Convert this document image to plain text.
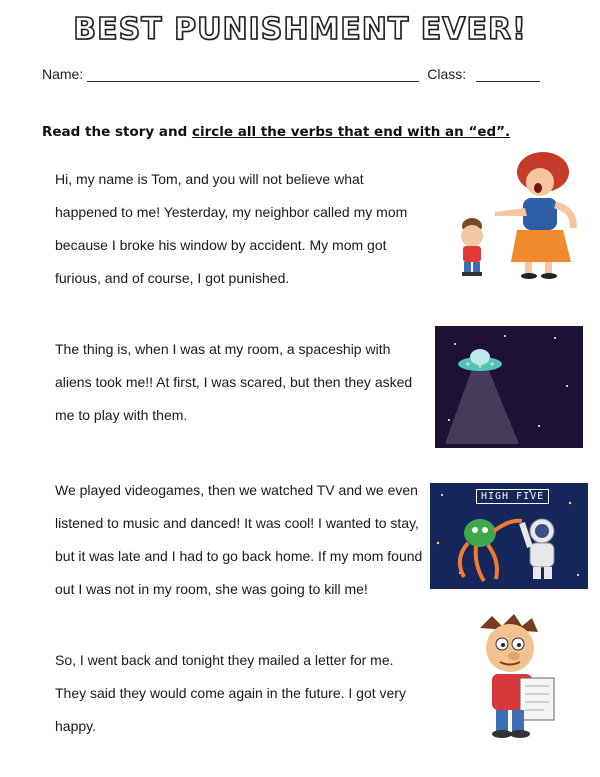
BEST PUNISHMENT EVER!
Name:	Class:
Read the story and circle all the verbs that end with an “ed”.
Hi, my name is Tom, and you will not believe what happened to me! Yesterday, my neighbor called my mom because I broke his window by accident. My mom got furious, and of course, I got punished.
The thing is, when I was at my room, a spaceship with aliens took me!! At first, I was scared, but then they asked me to play with them.
We played videogames, then we watched TV and we even listened to music and danced! It was cool! I wanted to stay, but it was late and I had to go back home. If my mom found out I was not in my room, she was going to kill me!
So, I went back and tonight they mailed a letter for me. They said they would come again in the future. I got very happy.
HIGH FIVE
